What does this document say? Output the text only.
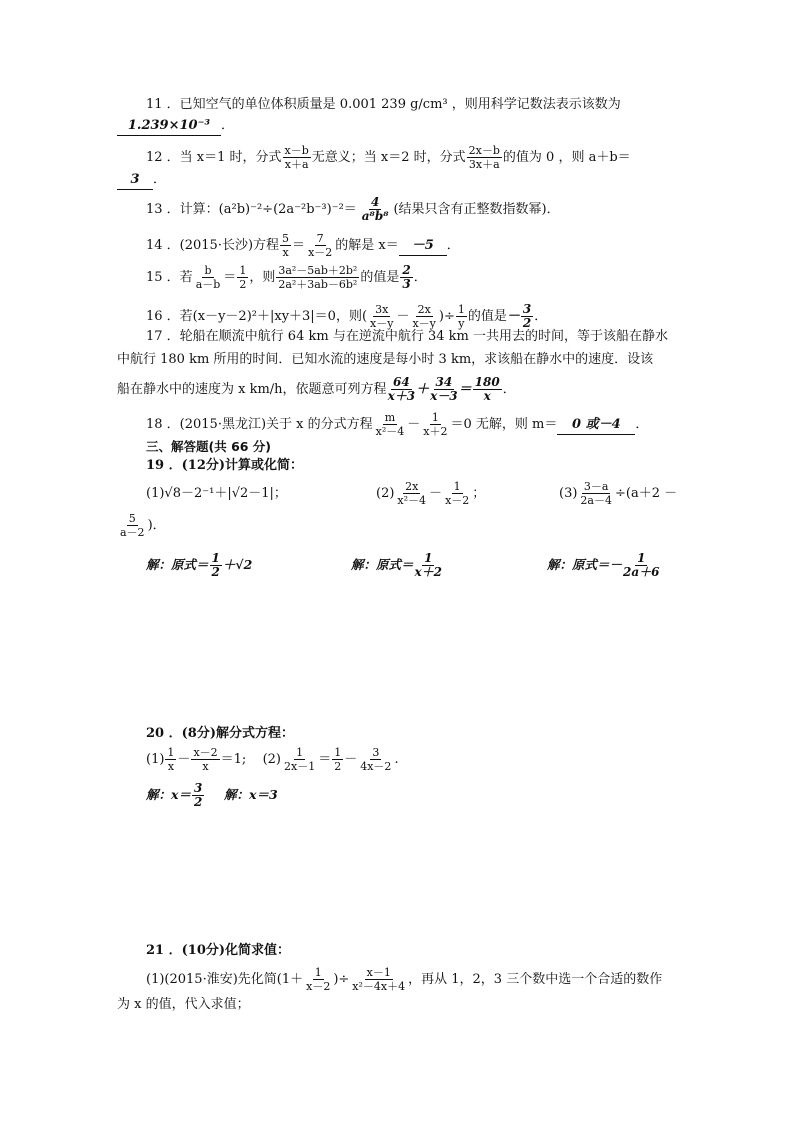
11 ．已知空气的单位体积质量是 0.001 239 g/cm³ ，则用科学记数法表示该数为
1.239×10⁻³ ．
12 ．当 x＝1 时，分式 $\frac{x-b}{x+a}$ 无意义；当 x＝2 时，分式 $\frac{2x-b}{3x+a}$ 的值为 0 ，则 a＋b＝
3 ．
13 ．计算：$(a^2b)^{-2}\div(2a^{-2}b^{-3})^{-2}= \frac{4}{\text{a⁸b⁸}}$ (结果只含有正整数指数幂)．
14 ．(2015·长沙)方程 $\frac{5}{x} = \frac{7}{x-2}$ 的解是 x＝ －5 ．
15 ．若 $\frac{b}{a-b} = \frac{1}{2}$ ，则 $\frac{\text{3a²－5ab＋2b²}}{\text{2a²＋3ab－6b²}}$ 的值是 $\frac{2}{3}$ ．
16 ．若(x－y－2)²＋|xy＋3|＝0，则( $\frac{3x}{x-y} - \frac{2x}{x-y}$ )÷ $\frac{1}{y}$ 的值是－ $\frac{3}{2}$ ．
17 ．轮船在顺流中航行 64 km 与在逆流中航行 34 km 一共用去的时间，等于该船在静水
中航行 180 km 所用的时间．已知水流的速度是每小时 3 km，求该船在静水中的速度．设该
船在静水中的速度为 x km/h，依题意可列方程 $\frac{64}{x+3} + \frac{34}{x-3} = \frac{180}{x}$ ．
18 ．(2015·黑龙江)关于 x 的分式方程 $\frac{m}{\text{x²－4}} - \frac{1}{x+2} =0$ 无解，则 m＝ 0 或－4 ．
三、解答题(共 66 分)
19 ．(12分)计算或化简：
(1)√8－2⁻¹＋|√2－1|；	$(2) \frac{2x}{\text{x²－4}} - \frac{1}{x-2}$ ；	$(3) \frac{3-a}{2a-4} \div(a+2$ －
$\frac{5}{a-2}$ )．
解：原式＝ $\frac{1}{2} +√2$	解：原式＝ $\frac{1}{x+2}$	解：原式＝－ $\frac{1}{2a+6}$
20 ．(8分)解分式方程：
$(1) \frac{1}{x} - \frac{x-2}{x} =1$; $(2) \frac{1}{2x-1} = \frac{1}{2} - \frac{3}{4x-2}$ .
解：$x= \frac{3}{2}$ 解：x＝3
21 ．(10分)化简求值：
(1)(2015·淮安)先化简($1+ \frac{1}{x-2}$ )÷ $\frac{x-1}{\text{x²－4x＋4}}$ ，再从 1，2，3 三个数中选一个合适的数作
为 x 的值，代入求值；
